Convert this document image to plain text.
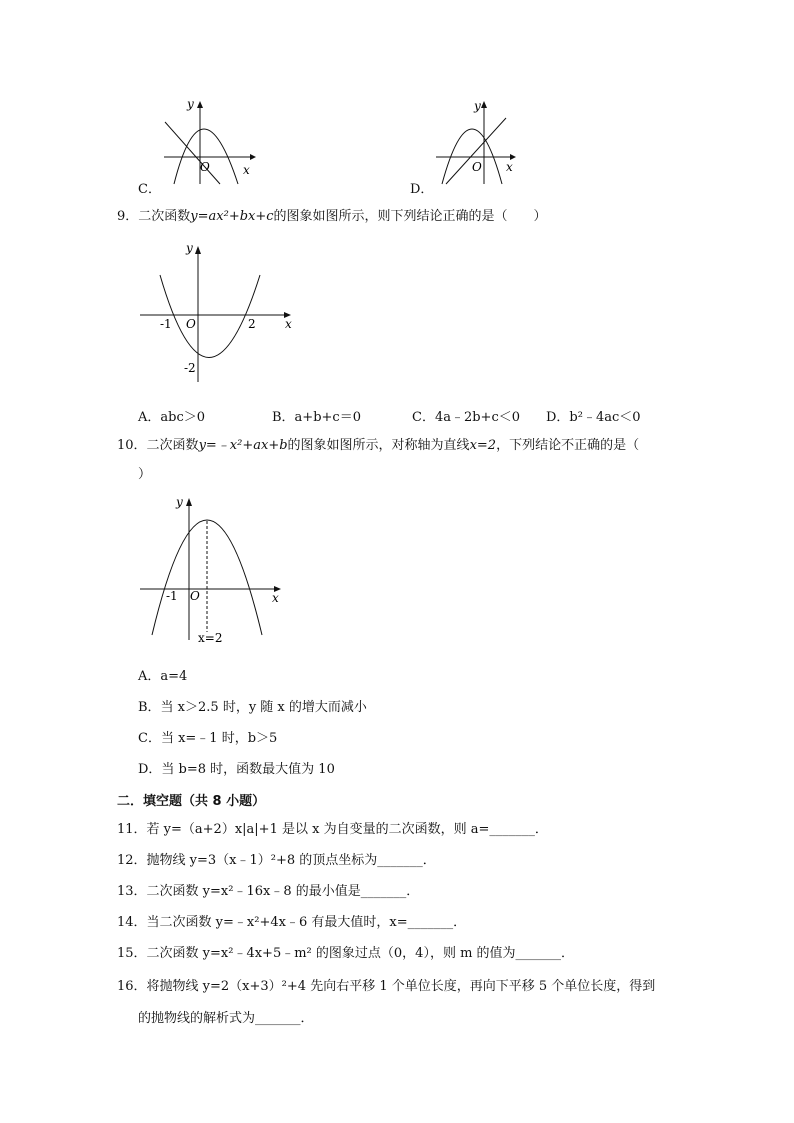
y
x
O
C．
y
x
O
D．
9．二次函数y=ax²+bx+c的图象如图所示，则下列结论正确的是（　　）
y
x
O
-1	2
-2
A．abc＞0	B．a+b+c＝0	C．4a﹣2b+c＜0 D．b²﹣4ac＜0
10．二次函数y=﹣x²+ax+b的图象如图所示，对称轴为直线x=2，下列结论不正确的是（
）
y
x
O
-1
x=2
A．a=4
B．当 x＞2.5 时，y 随 x 的增大而减小
C．当 x=﹣1 时，b＞5
D．当 b=8 时，函数最大值为 10
二．填空题（共 8 小题）
11．若 y=（a+2）x|a|+1 是以 x 为自变量的二次函数，则 a=_______．
12．抛物线 y=3（x﹣1）²+8 的顶点坐标为_______．
13．二次函数 y=x²﹣16x﹣8 的最小值是_______．
14．当二次函数 y=﹣x²+4x﹣6 有最大值时，x=_______．
15．二次函数 y=x²﹣4x+5﹣m² 的图象过点（0，4），则 m 的值为_______．
16．将抛物线 y=2（x+3）²+4 先向右平移 1 个单位长度，再向下平移 5 个单位长度，得到
的抛物线的解析式为_______．
